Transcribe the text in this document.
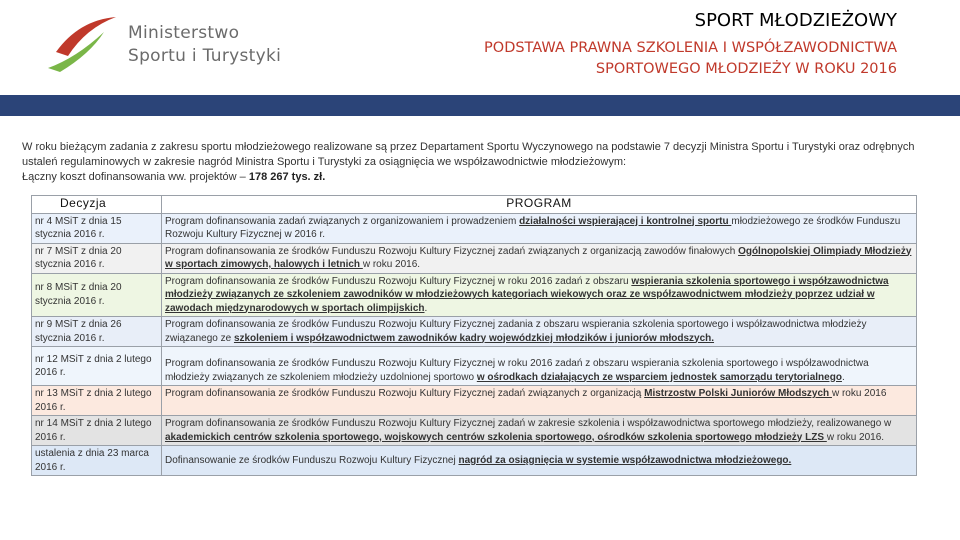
Ministerstwo
Sportu i Turystyki
SPORT MŁODZIEŻOWY
PODSTAWA PRAWNA SZKOLENIA I WSPÓŁZAWODNICTWA SPORTOWEGO MŁODZIEŻY W ROKU 2016
W roku bieżącym zadania z zakresu sportu młodzieżowego realizowane są przez Departament Sportu Wyczynowego na podstawie 7 decyzji Ministra Sportu i Turystyki oraz odrębnych ustaleń regulaminowych w zakresie nagród Ministra Sportu i Turystyki za osiągnięcia we współzawodnictwie młodzieżowym:
Łączny koszt dofinansowania ww. projektów – 178 267 tys. zł.
Decyzja	PROGRAM
nr 4 MSiT z dnia 15 stycznia 2016 r.	Program dofinansowania zadań związanych z organizowaniem i prowadzeniem działalności wspierającej i kontrolnej sportu młodzieżowego ze środków Funduszu Rozwoju Kultury Fizycznej w 2016 r.
nr 7 MSiT z dnia 20 stycznia 2016 r.	Program dofinansowania ze środków Funduszu Rozwoju Kultury Fizycznej zadań związanych z organizacją zawodów finałowych Ogólnopolskiej Olimpiady Młodzieży w sportach zimowych, halowych i letnich w roku 2016.
nr 8 MSiT z dnia 20 stycznia 2016 r.	Program dofinansowania ze środków Funduszu Rozwoju Kultury Fizycznej w roku 2016 zadań z obszaru wspierania szkolenia sportowego i współzawodnictwa młodzieży związanych ze szkoleniem zawodników w młodzieżowych kategoriach wiekowych oraz ze współzawodnictwem młodzieży poprzez udział w zawodach międzynarodowych w sportach olimpijskich.
nr 9 MSiT z dnia 26 stycznia 2016 r.	Program dofinansowania ze środków Funduszu Rozwoju Kultury Fizycznej zadania z obszaru wspierania szkolenia sportowego i współzawodnictwa młodzieży związanego ze szkoleniem i współzawodnictwem zawodników kadry wojewódzkiej młodzików i juniorów młodszych.
nr 12 MSiT z dnia 2 lutego 2016 r.	Program dofinansowania ze środków Funduszu Rozwoju Kultury Fizycznej w roku 2016 zadań z obszaru wspierania szkolenia sportowego i współzawodnictwa młodzieży związanych ze szkoleniem młodzieży uzdolnionej sportowo w ośrodkach działających ze wsparciem jednostek samorządu terytorialnego.
nr 13 MSiT z dnia 2 lutego 2016 r.	Program dofinansowania ze środków Funduszu Rozwoju Kultury Fizycznej zadań związanych z organizacją Mistrzostw Polski Juniorów Młodszych w roku 2016
nr 14 MSiT z dnia 2 lutego 2016 r.	Program dofinansowania ze środków Funduszu Rozwoju Kultury Fizycznej zadań w zakresie szkolenia i współzawodnictwa sportowego młodzieży, realizowanego w akademickich centrów szkolenia sportowego, wojskowych centrów szkolenia sportowego, ośrodków szkolenia sportowego młodzieży LZS w roku 2016.
ustalenia z dnia 23 marca 2016 r.	Dofinansowanie ze środków Funduszu Rozwoju Kultury Fizycznej nagród za osiągnięcia w systemie współzawodnictwa młodzieżowego.
